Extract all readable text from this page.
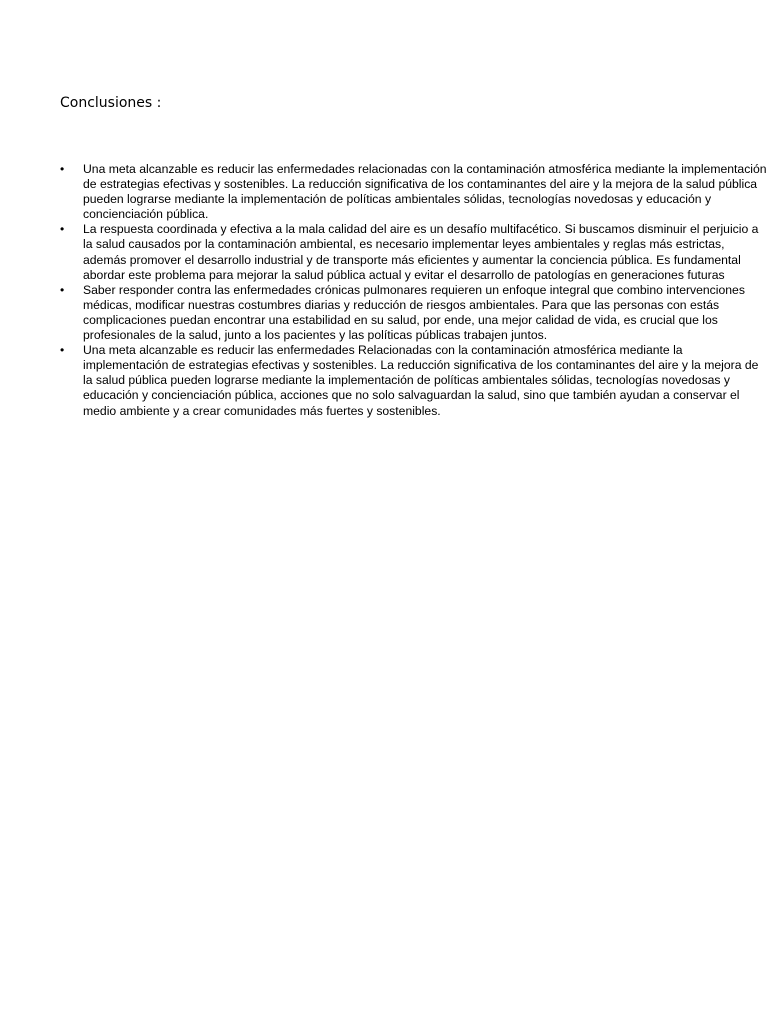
Conclusiones :
•	Una meta alcanzable es reducir las enfermedades relacionadas con la contaminación atmosférica mediante la implementación de estrategias efectivas y sostenibles. La reducción significativa de los contaminantes del aire y la mejora de la salud pública pueden lograrse mediante la implementación de políticas ambientales sólidas, tecnologías novedosas y educación y concienciación pública.
•	La respuesta coordinada y efectiva a la mala calidad del aire es un desafío multifacético. Si buscamos disminuir el perjuicio a la salud causados por la contaminación ambiental, es necesario implementar leyes ambientales y reglas más estrictas, además promover el desarrollo industrial y de transporte más eficientes y aumentar la conciencia pública. Es fundamental abordar este problema para mejorar la salud pública actual y evitar el desarrollo de patologías en generaciones futuras
•	Saber responder contra las enfermedades crónicas pulmonares requieren un enfoque integral que combino intervenciones médicas, modificar nuestras costumbres diarias y reducción de riesgos ambientales. Para que las personas con estás complicaciones puedan encontrar una estabilidad en su salud, por ende, una mejor calidad de vida, es crucial que los profesionales de la salud, junto a los pacientes y las políticas públicas trabajen juntos.
•	Una meta alcanzable es reducir las enfermedades Relacionadas con la contaminación atmosférica mediante la implementación de estrategias efectivas y sostenibles. La reducción significativa de los contaminantes del aire y la mejora de la salud pública pueden lograrse mediante la implementación de políticas ambientales sólidas, tecnologías novedosas y educación y concienciación pública, acciones que no solo salvaguardan la salud, sino que también ayudan a conservar el medio ambiente y a crear comunidades más fuertes y sostenibles.
